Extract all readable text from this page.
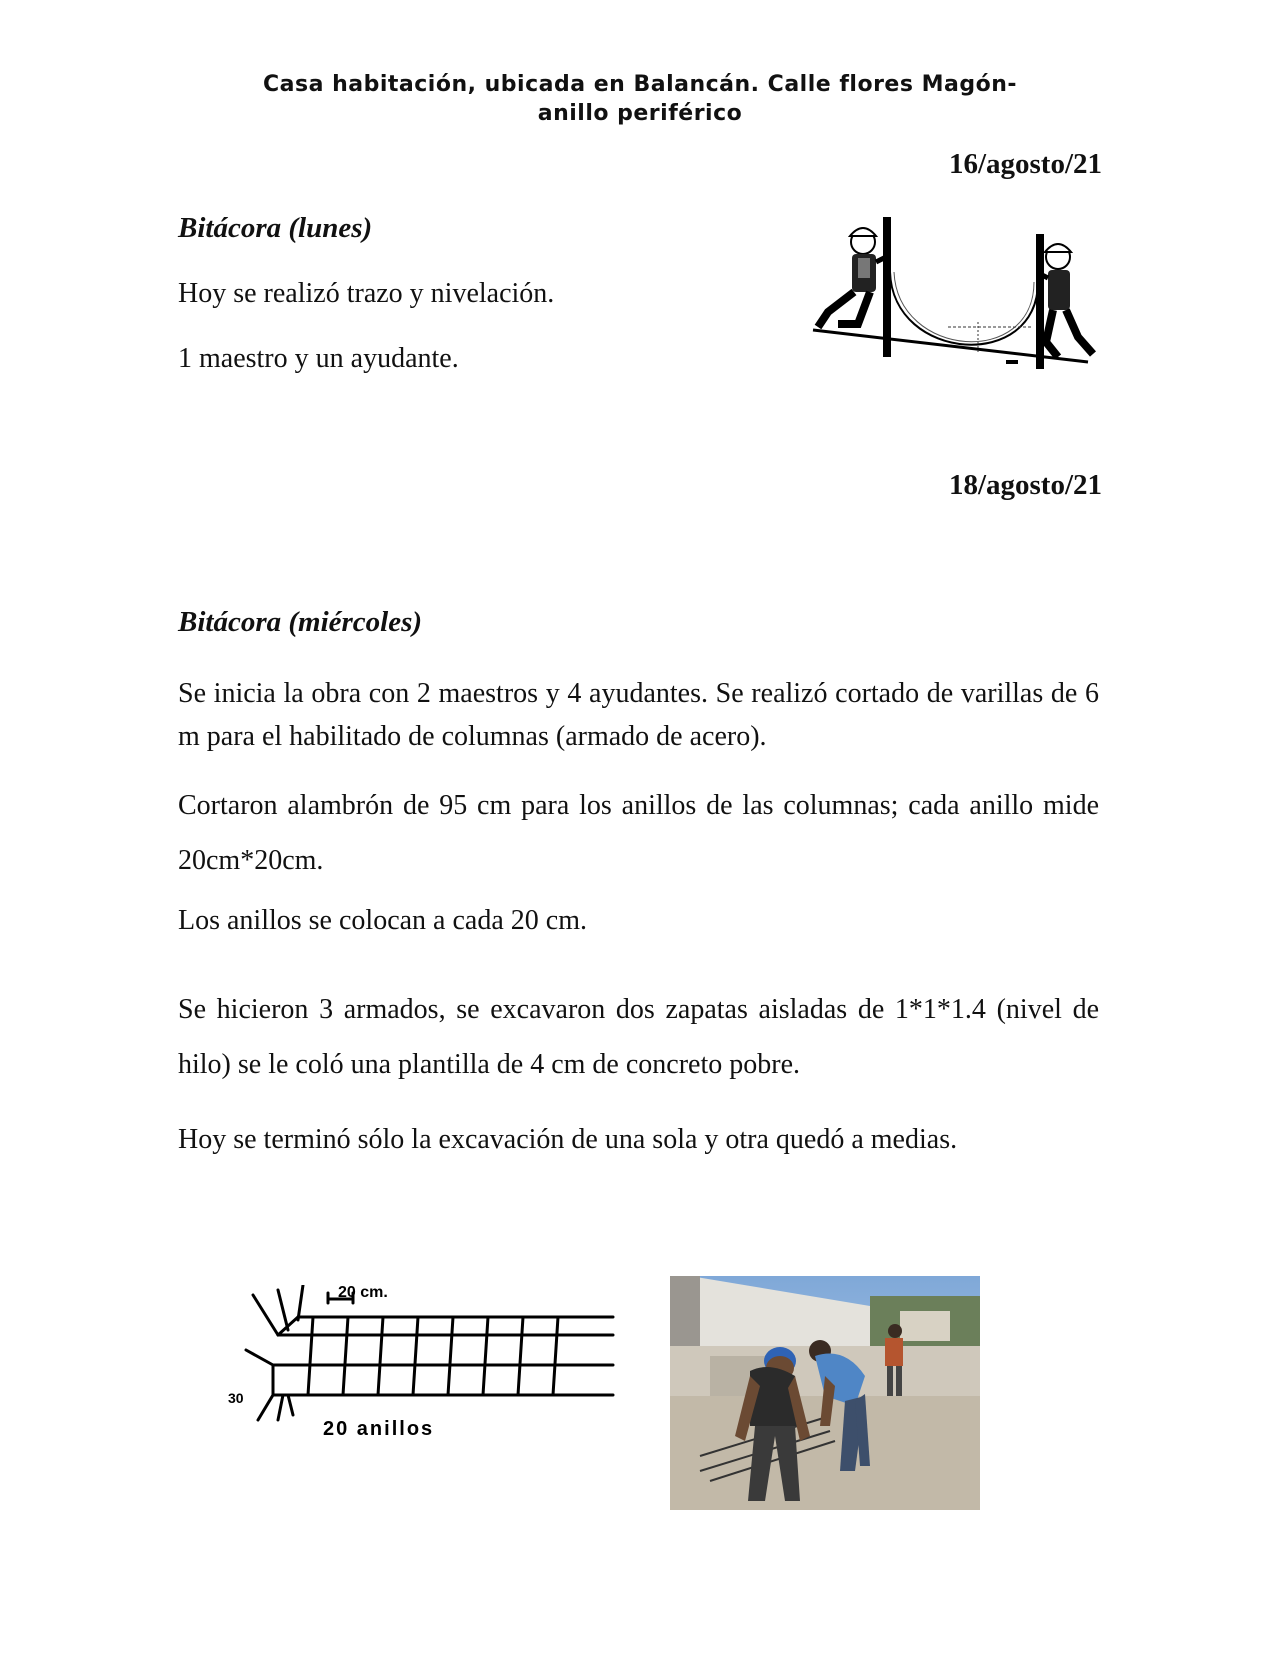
Casa habitación, ubicada en Balancán. Calle flores Magón-
anillo periférico
16/agosto/21
Bitácora (lunes)

Hoy se realizó trazo y nivelación.

1 maestro y un ayudante.

18/agosto/21
Bitácora (miércoles)

Se inicia la obra con 2 maestros y 4 ayudantes. Se realizó cortado de varillas de 6 m para el habilitado de columnas (armado de acero).

Cortaron alambrón de 95 cm para los anillos de las columnas; cada anillo mide 20cm*20cm.

Los anillos se colocan a cada 20 cm.

Se hicieron 3 armados, se excavaron dos zapatas aisladas de 1*1*1.4 (nivel de hilo) se le coló una plantilla de 4 cm de concreto pobre.

Hoy se terminó sólo la excavación de una sola y otra quedó a medias.

20 cm.
30
20 anillos
